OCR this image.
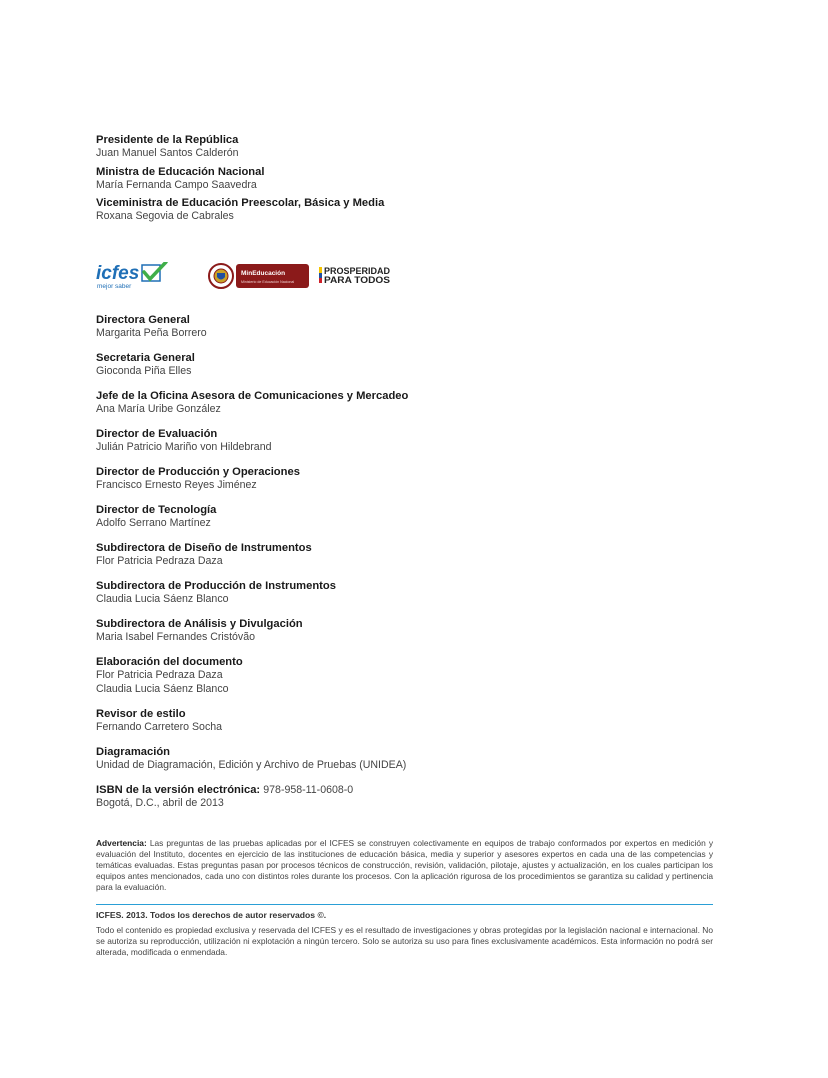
Presidente de la República
Juan Manuel Santos Calderón
Ministra de Educación Nacional
María Fernanda Campo Saavedra
Viceministra de Educación Preescolar, Básica y Media
Roxana Segovia de Cabrales
icfes
mejor saber
MinEducación
Ministerio de Educación Nacional
PROSPERIDAD
PARA TODOS
Directora General
Margarita Peña Borrero
Secretaria General
Gioconda Piña Elles
Jefe de la Oficina Asesora de Comunicaciones y Mercadeo
Ana María Uribe González
Director de Evaluación
Julián Patricio Mariño von Hildebrand
Director de Producción y Operaciones
Francisco Ernesto Reyes Jiménez
Director de Tecnología
Adolfo Serrano Martínez
Subdirectora de Diseño de Instrumentos
Flor Patricia Pedraza Daza
Subdirectora de Producción de Instrumentos
Claudia Lucia Sáenz Blanco
Subdirectora de Análisis y Divulgación
Maria Isabel Fernandes Cristóvão
Elaboración del documento
Flor Patricia Pedraza Daza
Claudia Lucia Sáenz Blanco
Revisor de estilo
Fernando Carretero Socha
Diagramación
Unidad de Diagramación, Edición y Archivo de Pruebas (UNIDEA)
ISBN de la versión electrónica: 978-958-11-0608-0
Bogotá, D.C., abril de 2013
Advertencia: Las preguntas de las pruebas aplicadas por el ICFES se construyen colectivamente en equipos de trabajo conformados por expertos en medición y evaluación del Instituto, docentes en ejercicio de las instituciones de educación básica, media y superior y asesores expertos en cada una de las competencias y temáticas evaluadas. Estas preguntas pasan por procesos técnicos de construcción, revisión, validación, pilotaje, ajustes y actualización, en los cuales participan los equipos antes mencionados, cada uno con distintos roles durante los procesos. Con la aplicación rigurosa de los procedimientos se garantiza su calidad y pertinencia para la evaluación.
ICFES. 2013. Todos los derechos de autor reservados ©.
Todo el contenido es propiedad exclusiva y reservada del ICFES y es el resultado de investigaciones y obras protegidas por la legislación nacional e internacional. No se autoriza su reproducción, utilización ni explotación a ningún tercero. Solo se autoriza su uso para fines exclusivamente académicos. Esta información no podrá ser alterada, modificada o enmendada.
